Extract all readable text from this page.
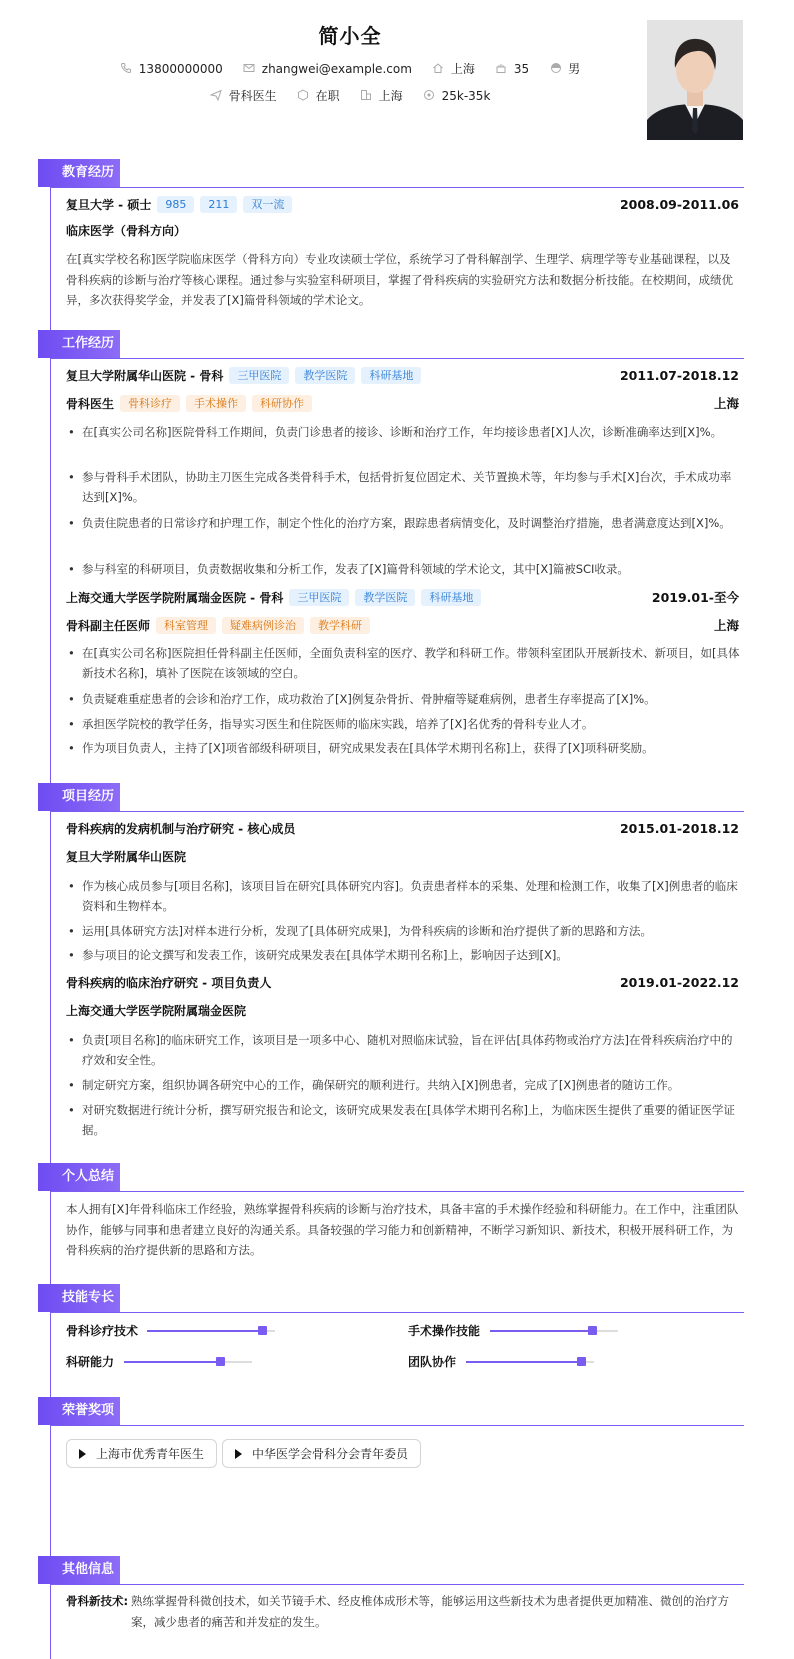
简小全
13800000000	zhangwei@example.com	上海	35	男
骨科医生	在职	上海	25k-35k
教育经历
复旦大学 - 硕士	985	211	双一流	2008.09-2011.06
临床医学（骨科方向）
在[真实学校名称]医学院临床医学（骨科方向）专业攻读硕士学位，系统学习了骨科解剖学、生理学、病理学等专业基础课程，以及骨科疾病的诊断与治疗等核心课程。通过参与实验室科研项目，掌握了骨科疾病的实验研究方法和数据分析技能。在校期间，成绩优异，多次获得奖学金，并发表了[X]篇骨科领域的学术论文。
工作经历
复旦大学附属华山医院 - 骨科	三甲医院	教学医院	科研基地	2011.07-2018.12
骨科医生	骨科诊疗	手术操作	科研协作	上海
• 在[真实公司名称]医院骨科工作期间，负责门诊患者的接诊、诊断和治疗工作，年均接诊患者[X]人次，诊断准确率达到[X]%。
• 参与骨科手术团队，协助主刀医生完成各类骨科手术，包括骨折复位固定术、关节置换术等，年均参与手术[X]台次，手术成功率达到[X]%。
• 负责住院患者的日常诊疗和护理工作，制定个性化的治疗方案，跟踪患者病情变化，及时调整治疗措施，患者满意度达到[X]%。
• 参与科室的科研项目，负责数据收集和分析工作，发表了[X]篇骨科领域的学术论文，其中[X]篇被SCI收录。
上海交通大学医学院附属瑞金医院 - 骨科	三甲医院	教学医院	科研基地	2019.01-至今
骨科副主任医师	科室管理	疑难病例诊治	教学科研	上海
• 在[真实公司名称]医院担任骨科副主任医师，全面负责科室的医疗、教学和科研工作。带领科室团队开展新技术、新项目，如[具体新技术名称]，填补了医院在该领域的空白。
• 负责疑难重症患者的会诊和治疗工作，成功救治了[X]例复杂骨折、骨肿瘤等疑难病例，患者生存率提高了[X]%。
• 承担医学院校的教学任务，指导实习医生和住院医师的临床实践，培养了[X]名优秀的骨科专业人才。
• 作为项目负责人，主持了[X]项省部级科研项目，研究成果发表在[具体学术期刊名称]上，获得了[X]项科研奖励。
项目经历
骨科疾病的发病机制与治疗研究 - 核心成员	2015.01-2018.12
复旦大学附属华山医院
• 作为核心成员参与[项目名称]，该项目旨在研究[具体研究内容]。负责患者样本的采集、处理和检测工作，收集了[X]例患者的临床资料和生物样本。
• 运用[具体研究方法]对样本进行分析，发现了[具体研究成果]，为骨科疾病的诊断和治疗提供了新的思路和方法。
• 参与项目的论文撰写和发表工作，该研究成果发表在[具体学术期刊名称]上，影响因子达到[X]。
骨科疾病的临床治疗研究 - 项目负责人	2019.01-2022.12
上海交通大学医学院附属瑞金医院
• 负责[项目名称]的临床研究工作，该项目是一项多中心、随机对照临床试验，旨在评估[具体药物或治疗方法]在骨科疾病治疗中的疗效和安全性。
• 制定研究方案，组织协调各研究中心的工作，确保研究的顺利进行。共纳入[X]例患者，完成了[X]例患者的随访工作。
• 对研究数据进行统计分析，撰写研究报告和论文，该研究成果发表在[具体学术期刊名称]上，为临床医生提供了重要的循证医学证据。
个人总结
本人拥有[X]年骨科临床工作经验，熟练掌握骨科疾病的诊断与治疗技术，具备丰富的手术操作经验和科研能力。在工作中，注重团队协作，能够与同事和患者建立良好的沟通关系。具备较强的学习能力和创新精神，不断学习新知识、新技术，积极开展科研工作，为骨科疾病的治疗提供新的思路和方法。
技能专长
骨科诊疗技术	手术操作技能
科研能力	团队协作
荣誉奖项
上海市优秀青年医生	中华医学会骨科分会青年委员
其他信息
骨科新技术: 熟练掌握骨科微创技术，如关节镜手术、经皮椎体成形术等，能够运用这些新技术为患者提供更加精准、微创的治疗方案，减少患者的痛苦和并发症的发生。
